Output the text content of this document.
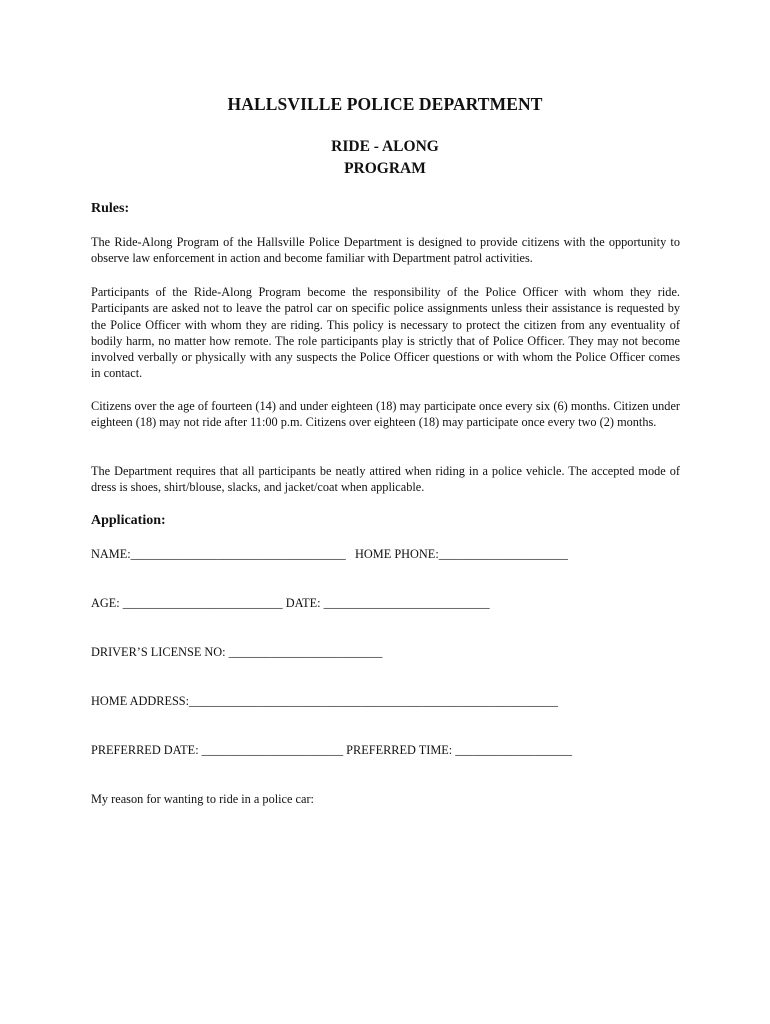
HALLSVILLE POLICE DEPARTMENT
RIDE - ALONG
PROGRAM
Rules:

The Ride-Along Program of the Hallsville Police Department is designed to provide citizens with the opportunity to observe law enforcement in action and become familiar with Department patrol activities.

Participants of the Ride-Along Program become the responsibility of the Police Officer with whom they ride. Participants are asked not to leave the patrol car on specific police assignments unless their assistance is requested by the Police Officer with whom they are riding. This policy is necessary to protect the citizen from any eventuality of bodily harm, no matter how remote. The role participants play is strictly that of Police Officer. They may not become involved verbally or physically with any suspects the Police Officer questions or with whom the Police Officer comes in contact.

Citizens over the age of fourteen (14) and under eighteen (18) may participate once every six (6) months. Citizen under eighteen (18) may not ride after 11:00 p.m. Citizens over eighteen (18) may participate once every two (2) months.

The Department requires that all participants be neatly attired when riding in a police vehicle. The accepted mode of dress is shoes, shirt/blouse, slacks, and jacket/coat when applicable.

Application:
NAME:___________________________________   HOME PHONE:_____________________
AGE: __________________________ DATE: ___________________________
DRIVER’S LICENSE NO: _________________________
HOME ADDRESS:____________________________________________________________
PREFERRED DATE: _______________________ PREFERRED TIME: ___________________
My reason for wanting to ride in a police car:
